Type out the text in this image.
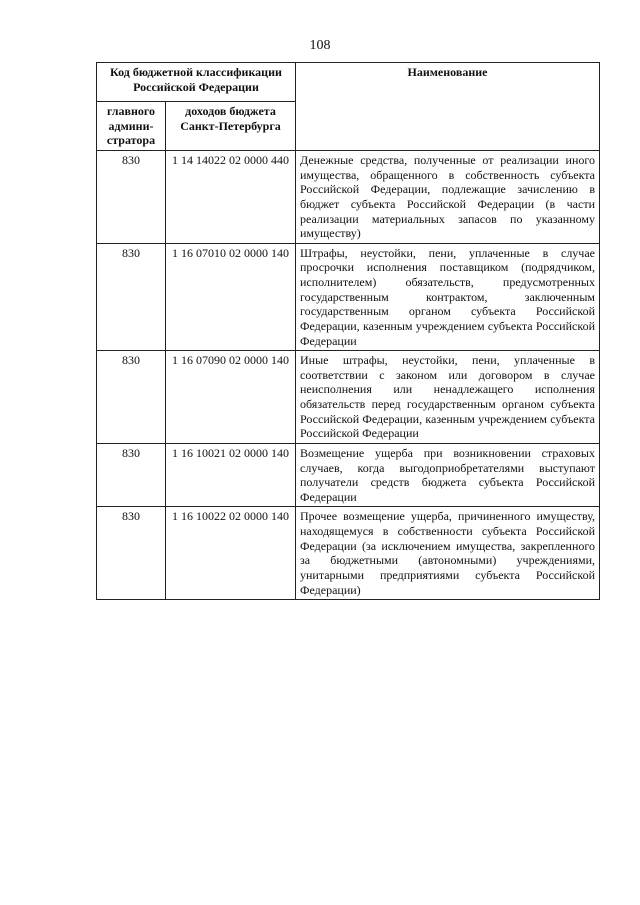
108
Код бюджетной классификации Российской Федерации		Наименование
главного админи-стратора	доходов бюджета Санкт-Петербурга	
830	1 14 14022 02 0000 440	Денежные средства, полученные от реализации иного имущества, обращенного в собственность субъекта Российской Федерации, подлежащие зачислению в бюджет субъекта Российской Федерации (в части реализации материальных запасов по указанному имуществу)
830	1 16 07010 02 0000 140	Штрафы, неустойки, пени, уплаченные в случае просрочки исполнения поставщиком (подрядчиком, исполнителем) обязательств, предусмотренных государственным контрактом, заключенным государственным органом субъекта Российской Федерации, казенным учреждением субъекта Российской Федерации
830	1 16 07090 02 0000 140	Иные штрафы, неустойки, пени, уплаченные в соответствии с законом или договором в случае неисполнения или ненадлежащего исполнения обязательств перед государственным органом субъекта Российской Федерации, казенным учреждением субъекта Российской Федерации
830	1 16 10021 02 0000 140	Возмещение ущерба при возникновении страховых случаев, когда выгодоприобретателями выступают получатели средств бюджета субъекта Российской Федерации
830	1 16 10022 02 0000 140	Прочее возмещение ущерба, причиненного имуществу, находящемуся в собственности субъекта Российской Федерации (за исключением имущества, закрепленного за бюджетными (автономными) учреждениями, унитарными предприятиями субъекта Российской Федерации)
